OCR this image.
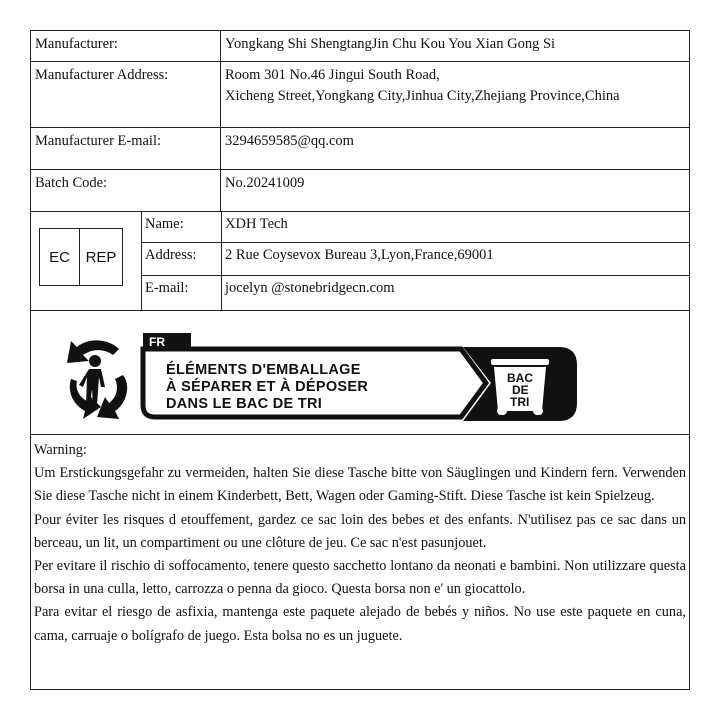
Manufacturer:	Yongkang Shi ShengtangJin Chu Kou You Xian Gong Si
Manufacturer Address:	Room 301 No.46 Jingui South Road,
Xicheng Street,Yongkang City,Jinhua City,Zhejiang Province,China
Manufacturer E-mail:	3294659585@qq.com
Batch Code:	No.20241009
EC	REP
Name:	XDH Tech
Address:	2 Rue Coysevox Bureau 3,Lyon,France,69001
E-mail:	jocelyn @stonebridgecn.com
FR
ÉLÉMENTS D'EMBALLAGE
À SÉPARER ET À DÉPOSER
DANS LE BAC DE TRI
BAC
DE
TRI

Warning:

Um Erstickungsgefahr zu vermeiden, halten Sie diese Tasche bitte von Säuglingen und Kindern fern. Verwenden Sie diese Tasche nicht in einem Kinderbett, Bett, Wagen oder Gaming-Stift. Diese Tasche ist kein Spielzeug.

Pour éviter les risques d etouffement, gardez ce sac loin des bebes et des enfants. N'utilisez pas ce sac dans un berceau, un lit, un compartiment ou une clôture de jeu. Ce sac n'est pasunjouet.

Per evitare il rischio di soffocamento, tenere questo sacchetto lontano da neonati e bambini. Non utilizzare questa borsa in una culla, letto, carrozza o penna da gioco. Questa borsa non e' un giocattolo.

Para evitar el riesgo de asfixia, mantenga este paquete alejado de bebés y niños. No use este paquete en cuna, cama, carruaje o bolígrafo de juego. Esta bolsa no es un juguete.
